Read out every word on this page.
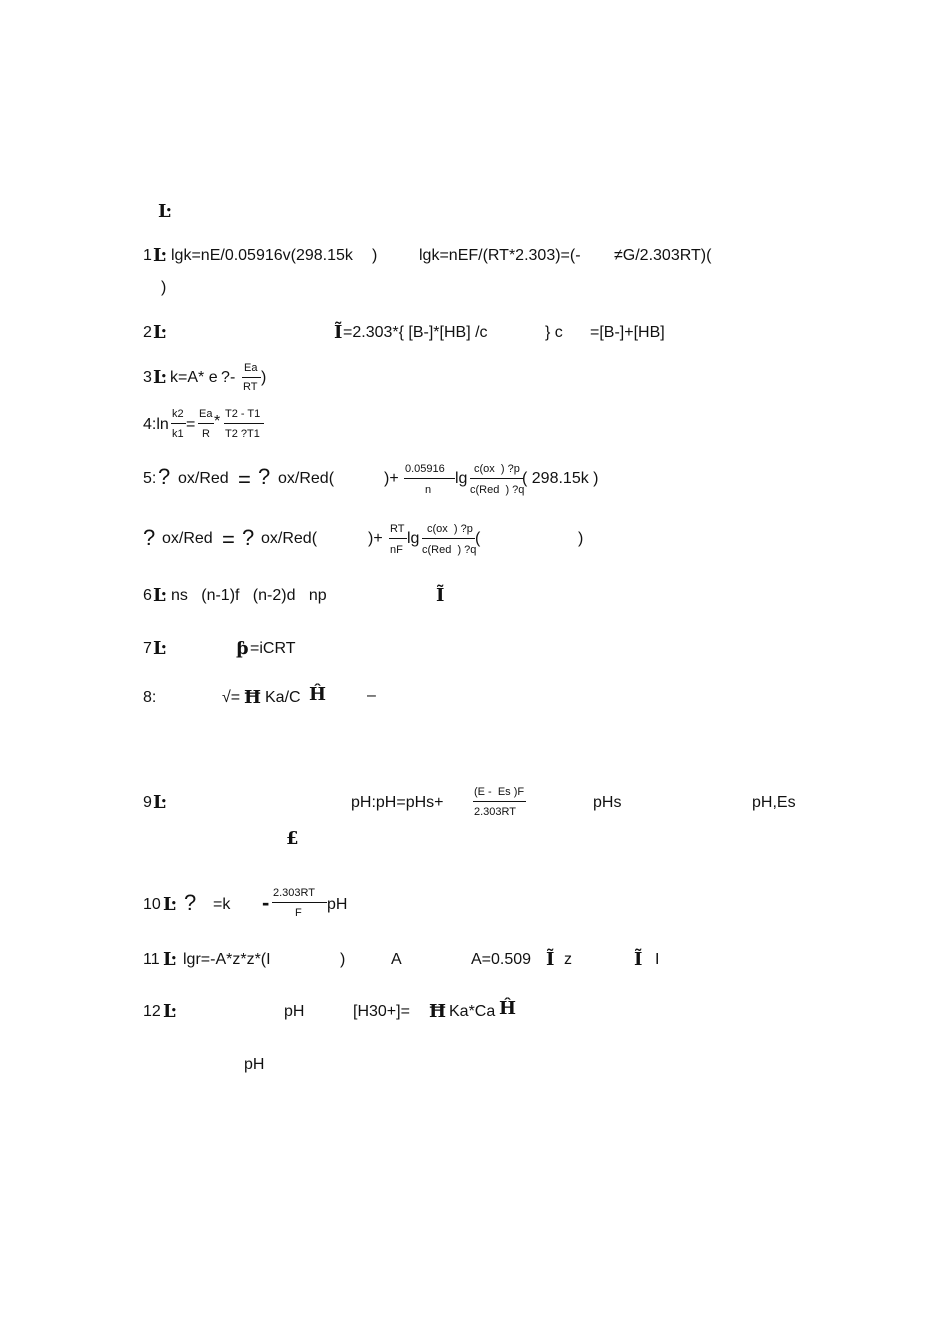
Ŀ
1 Ŀ lgk=nE/0.05916v(298.15k )	lgk=nEF/(RT*2.303)=(- ≠G/2.303RT)(
)
2 Ŀ	Ĩ =2.303*{ [B-]*[HB] /c	} c =[B-]+[HB]
3 Ŀ k=A* e ? -
Ea
RT
)
4:ln
k2
k1
=
Ea
R
* T2 - T1
T2 ?T1
5: ? ox/Red = ? ox/Red(	)+
0.05916
n
lg
c(ox  ) ?p
c(Red  ) ?q
( 298.15k )
? ox/Red = ? ox/Red(	)+
RT
nF
lg
c(ox  ) ?p
c(Red  ) ?q
(	)
6 Ŀ ns   (n-1)f   (n-2)d   np	Ĩ
7 Ŀ	ƥ =iCRT
8:	√= Ħ Ka/C Ĥ	–
9 Ŀ	pH:pH=pHs+
(E -  Es )F
2.303RT
pHs	pH,Es
£
10 Ŀ ? =k - 2.303RT
F pH
11 Ŀ lgr=-A*z*z*(I	)	A	A=0.509 Ĩ z	Ĩ I
12 Ŀ	pH	[H30+]= Ħ Ka*Ca Ĥ
pH
